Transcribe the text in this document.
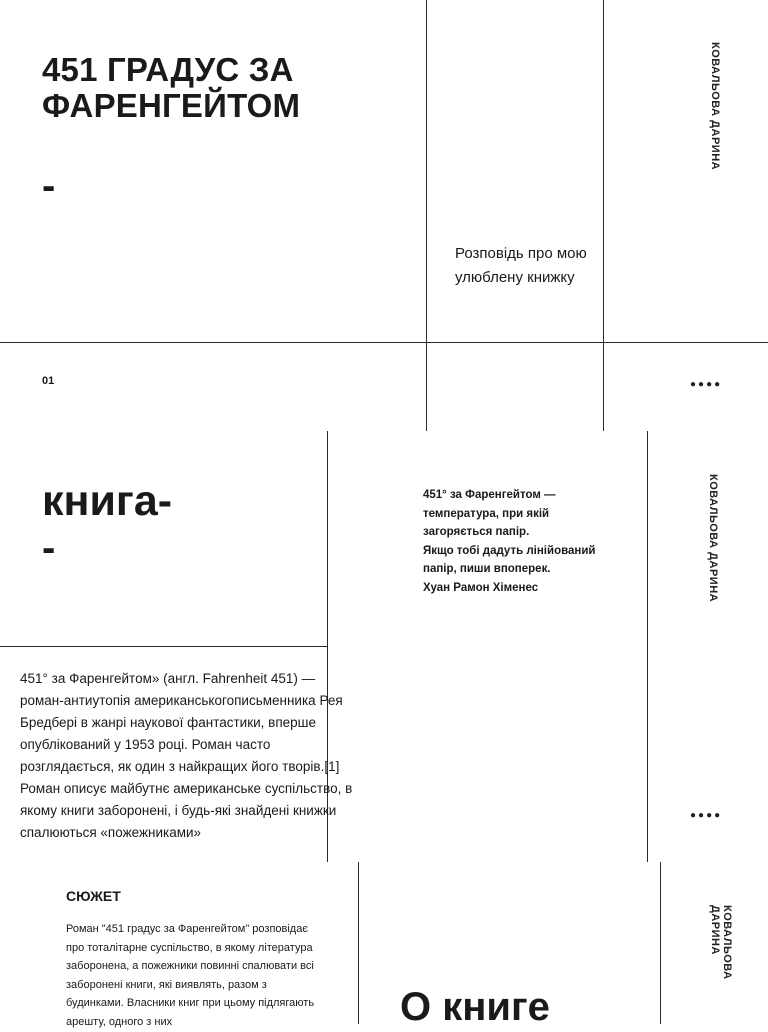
451 ГРАДУС ЗА ФАРЕНГЕЙТОМ
-
Розповідь про мою улюблену книжку
КОВАЛЬОВА ДАРИНА
01	●●●●
книга-
-
451° за Фаренгейтом — температура, при якій загоряється папір.
Якщо тобі дадуть лінійований папір, пиши впоперек.
Хуан Рамон Хіменес	КОВАЛЬОВА ДАРИНА
●●●●
451° за Фаренгейтом» (англ. Fahrenheit 451) —
роман-антиутопія американськогописьменника Рея
Бредбері в жанрі наукової фантастики, вперше
опублікований у 1953 році. Роман часто
розглядається, як один з найкращих його творів.[1]
Роман описує майбутнє американське суспільство, в
якому книги заборонені, і будь-які знайдені книжки
спалюються «пожежниками»
СЮЖЕТ
Роман "451 градус за Фаренгейтом" розповідає про тоталітарне суспільство, в якому література заборонена, а пожежники повинні спалювати всі заборонені книги, які виявлять, разом з будинками. Власники книг при цьому підлягають арешту, одного з них	О книге
КОВАЛЬОВА ДАРИНА
